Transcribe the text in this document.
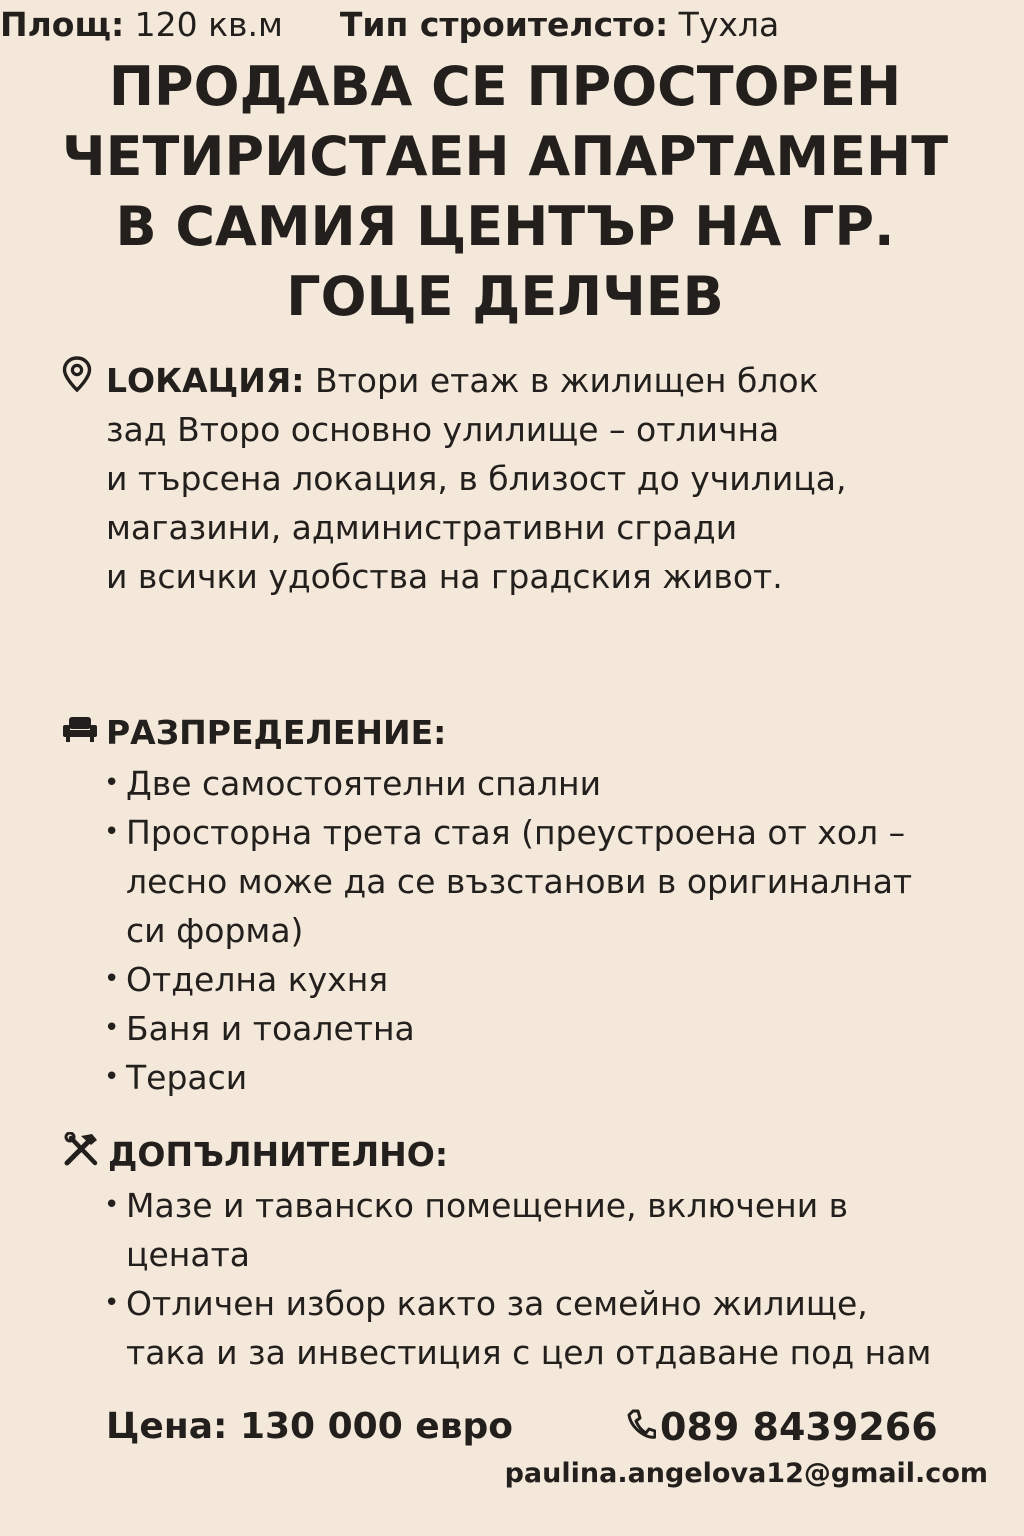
ПРОДАВА СЕ ПРОСТОРЕН
ЧЕТИРИСТАЕН АПАРТАМЕНТ
В САМИЯ ЦЕНТЪР НА ГР.
ГОЦЕ ДЕЛЧЕВ
LОКАЦИЯ:
Втори етаж в жилищен блок
зад Второ основно улилище – отлична
и търсена локация, в близост до училица,
магазини, административни сгради
и всички удобства на градския живот.
Площ: 120 кв.м Тип строителсто: Тухла
РАЗПРЕДЕЛЕНИЕ:
• Две самостоятелни спални
• Просторна трета стая (преустроена от хол –
лесно може да се възстанови в оригиналнат
си форма)
• Отделна кухня
• Баня и тоалетна
• Тераси
ДОПЪЛНИТЕЛНО:
• Мазе и таванско помещение, включени в
цената
• Отличен избор както за семейно жилище,
така и за инвестиция с цел отдаване под нам
Цена: 130 000 евро	089 8439266
paulina.angelova12@gmail.com
